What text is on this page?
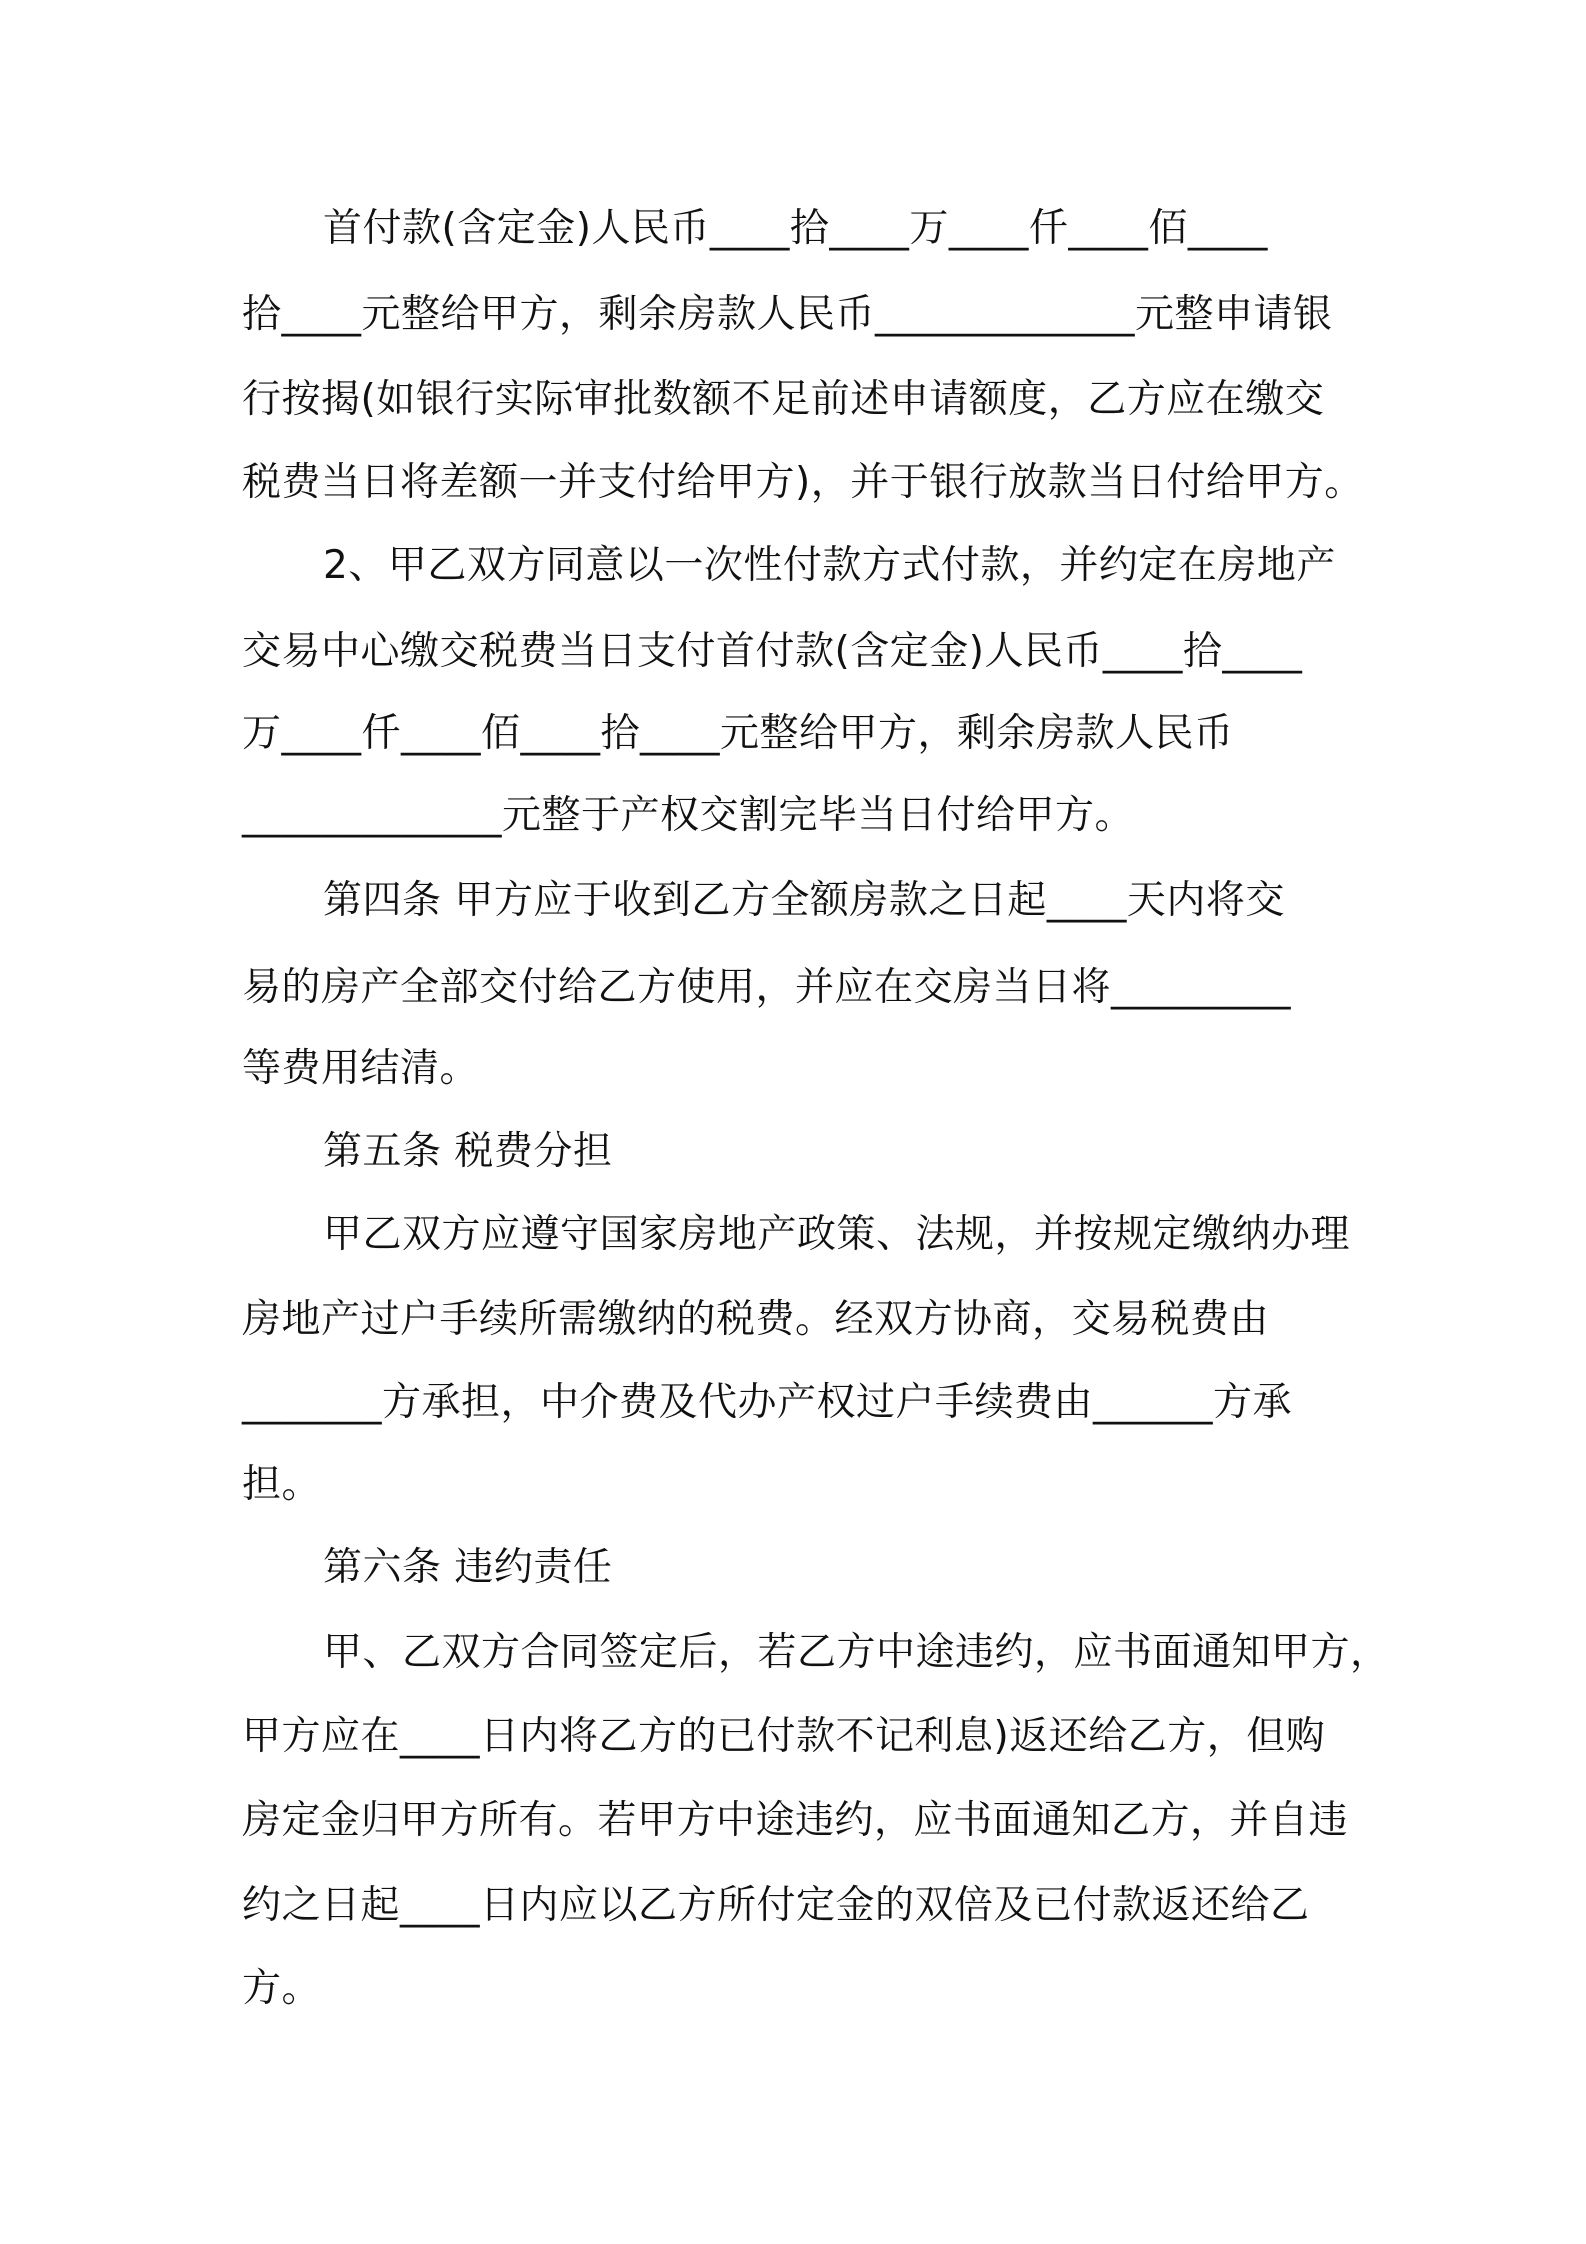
首付款(含定金)人民币____拾____万____仟____佰____
拾____元整给甲方，剩余房款人民币_____________元整申请银
行按揭(如银行实际审批数额不足前述申请额度，乙方应在缴交
税费当日将差额一并支付给甲方)，并于银行放款当日付给甲方。
2、甲乙双方同意以一次性付款方式付款，并约定在房地产
交易中心缴交税费当日支付首付款(含定金)人民币____拾____
万____仟____佰____拾____元整给甲方，剩余房款人民币
_____________元整于产权交割完毕当日付给甲方。
第四条 甲方应于收到乙方全额房款之日起____天内将交
易的房产全部交付给乙方使用，并应在交房当日将_________
等费用结清。
第五条 税费分担
甲乙双方应遵守国家房地产政策、法规，并按规定缴纳办理
房地产过户手续所需缴纳的税费。经双方协商，交易税费由
_______方承担，中介费及代办产权过户手续费由______方承
担。
第六条 违约责任
甲、乙双方合同签定后，若乙方中途违约，应书面通知甲方，
甲方应在____日内将乙方的已付款不记利息)返还给乙方，但购
房定金归甲方所有。若甲方中途违约，应书面通知乙方，并自违
约之日起____日内应以乙方所付定金的双倍及已付款返还给乙
方。
